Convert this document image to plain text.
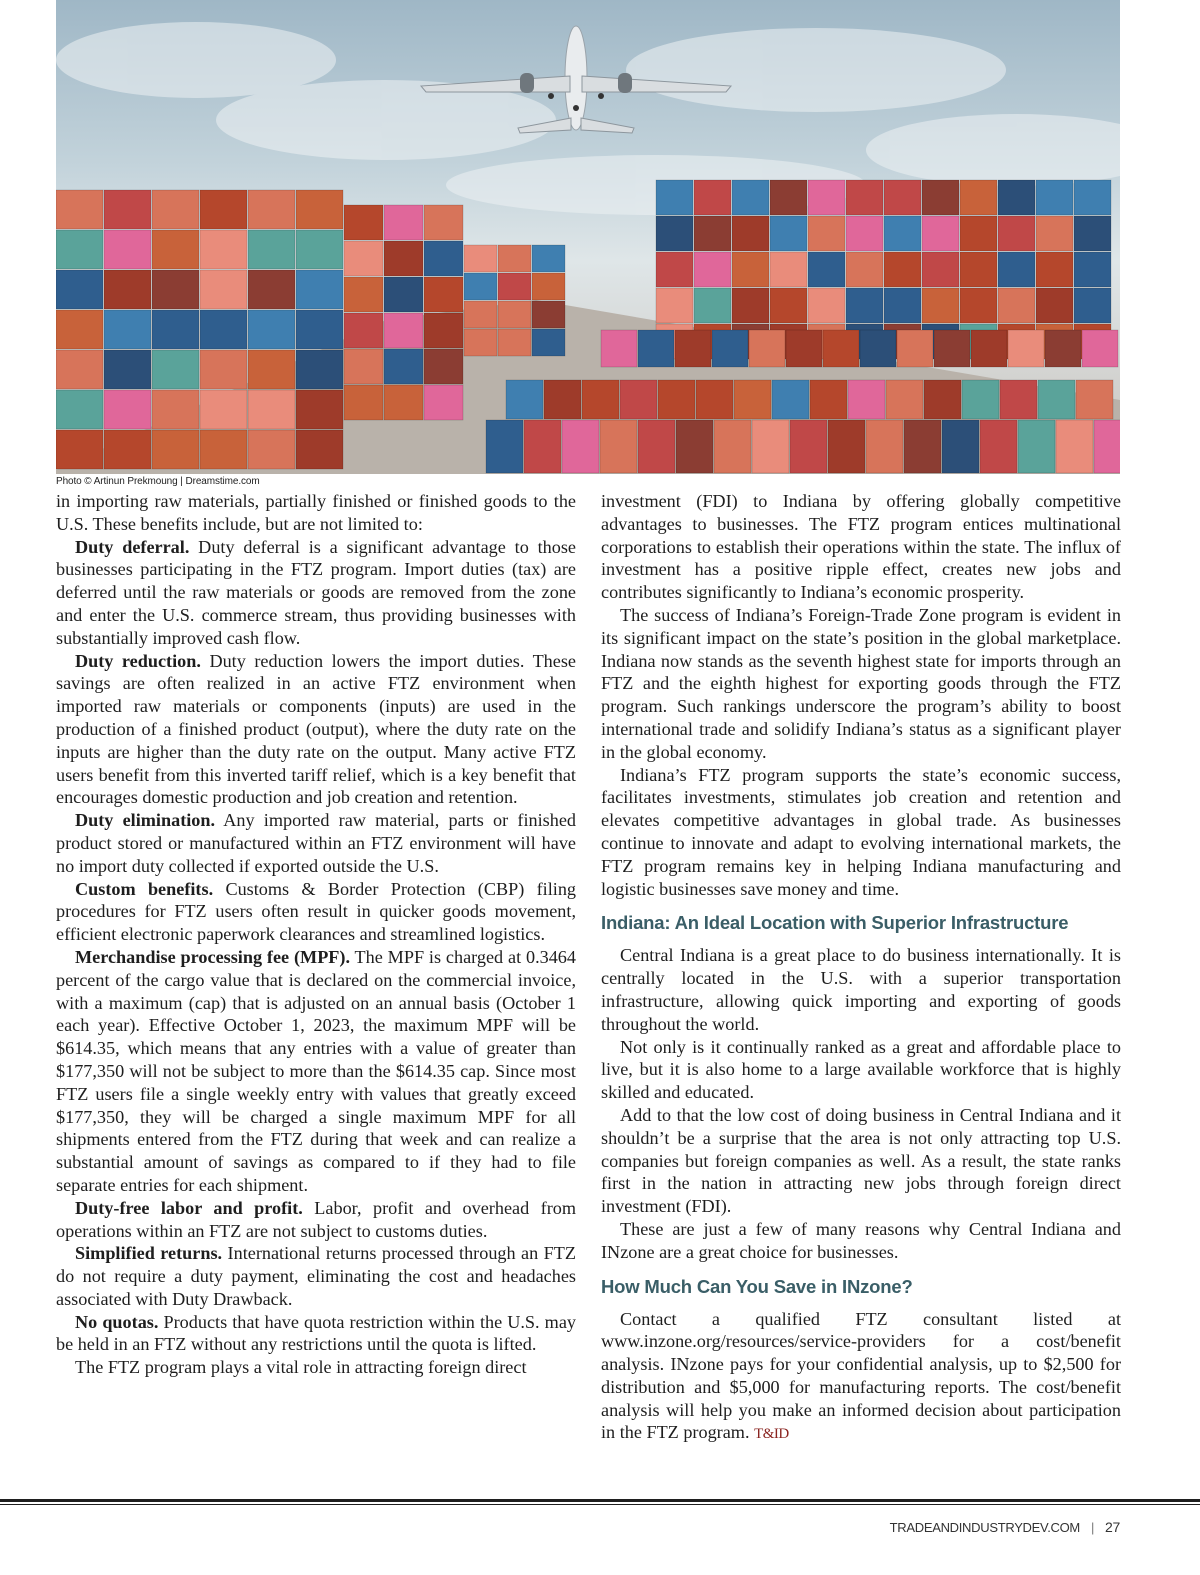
Photo © Artinun Prekmoung | Dreamstime.com

in importing raw materials, partially finished or finished goods to the U.S. These benefits include, but are not limited to:

Duty deferral. Duty deferral is a significant advantage to those businesses participating in the FTZ program. Import duties (tax) are deferred until the raw materials or goods are removed from the zone and enter the U.S. commerce stream, thus providing businesses with substantially improved cash flow.

Duty reduction. Duty reduction lowers the import duties. These savings are often realized in an active FTZ environment when imported raw materials or components (inputs) are used in the production of a finished product (output), where the duty rate on the inputs are higher than the duty rate on the output. Many active FTZ users benefit from this inverted tariff relief, which is a key benefit that encourages domestic production and job creation and retention.

Duty elimination. Any imported raw material, parts or finished product stored or manufactured within an FTZ environment will have no import duty collected if exported outside the U.S.

Custom benefits. Customs & Border Protection (CBP) filing procedures for FTZ users often result in quicker goods movement, efficient electronic paperwork clearances and streamlined logistics.

Merchandise processing fee (MPF). The MPF is charged at 0.3464 percent of the cargo value that is declared on the commercial invoice, with a maximum (cap) that is adjusted on an annual basis (October 1 each year). Effective October 1, 2023, the maximum MPF will be $614.35, which means that any entries with a value of greater than $177,350 will not be subject to more than the $614.35 cap. Since most FTZ users file a single weekly entry with values that greatly exceed $177,350, they will be charged a single maximum MPF for all shipments entered from the FTZ during that week and can realize a substantial amount of savings as compared to if they had to file separate entries for each shipment.

Duty-free labor and profit. Labor, profit and overhead from operations within an FTZ are not subject to customs duties.

Simplified returns. International returns processed through an FTZ do not require a duty payment, eliminating the cost and headaches associated with Duty Drawback.

No quotas. Products that have quota restriction within the U.S. may be held in an FTZ without any restrictions until the quota is lifted.

The FTZ program plays a vital role in attracting foreign direct

investment (FDI) to Indiana by offering globally competitive advantages to businesses. The FTZ program entices multinational corporations to establish their operations within the state. The influx of investment has a positive ripple effect, creates new jobs and contributes significantly to Indiana’s economic prosperity.

The success of Indiana’s Foreign-Trade Zone program is evident in its significant impact on the state’s position in the global marketplace. Indiana now stands as the seventh highest state for imports through an FTZ and the eighth highest for exporting goods through the FTZ program. Such rankings underscore the program’s ability to boost international trade and solidify Indiana’s status as a significant player in the global economy.

Indiana’s FTZ program supports the state’s economic success, facilitates investments, stimulates job creation and retention and elevates competitive advantages in global trade. As businesses continue to innovate and adapt to evolving international markets, the FTZ program remains key in helping Indiana manufacturing and logistic businesses save money and time.

Indiana: An Ideal Location with Superior Infrastructure

Central Indiana is a great place to do business internationally. It is centrally located in the U.S. with a superior transportation infrastructure, allowing quick importing and exporting of goods throughout the world.

Not only is it continually ranked as a great and affordable place to live, but it is also home to a large available workforce that is highly skilled and educated.

Add to that the low cost of doing business in Central Indiana and it shouldn’t be a surprise that the area is not only attracting top U.S. companies but foreign companies as well. As a result, the state ranks first in the nation in attracting new jobs through foreign direct investment (FDI).

These are just a few of many reasons why Central Indiana and INzone are a great choice for businesses.

How Much Can You Save in INzone?

Contact a qualified FTZ consultant listed at www.inzone.org/resources/service-providers for a cost/benefit analysis. INzone pays for your confidential analysis, up to $2,500 for distribution and $5,000 for manufacturing reports. The cost/benefit analysis will help you make an informed decision about participation in the FTZ program. T&ID

TRADEANDINDUSTRYDEV.COM | 27
